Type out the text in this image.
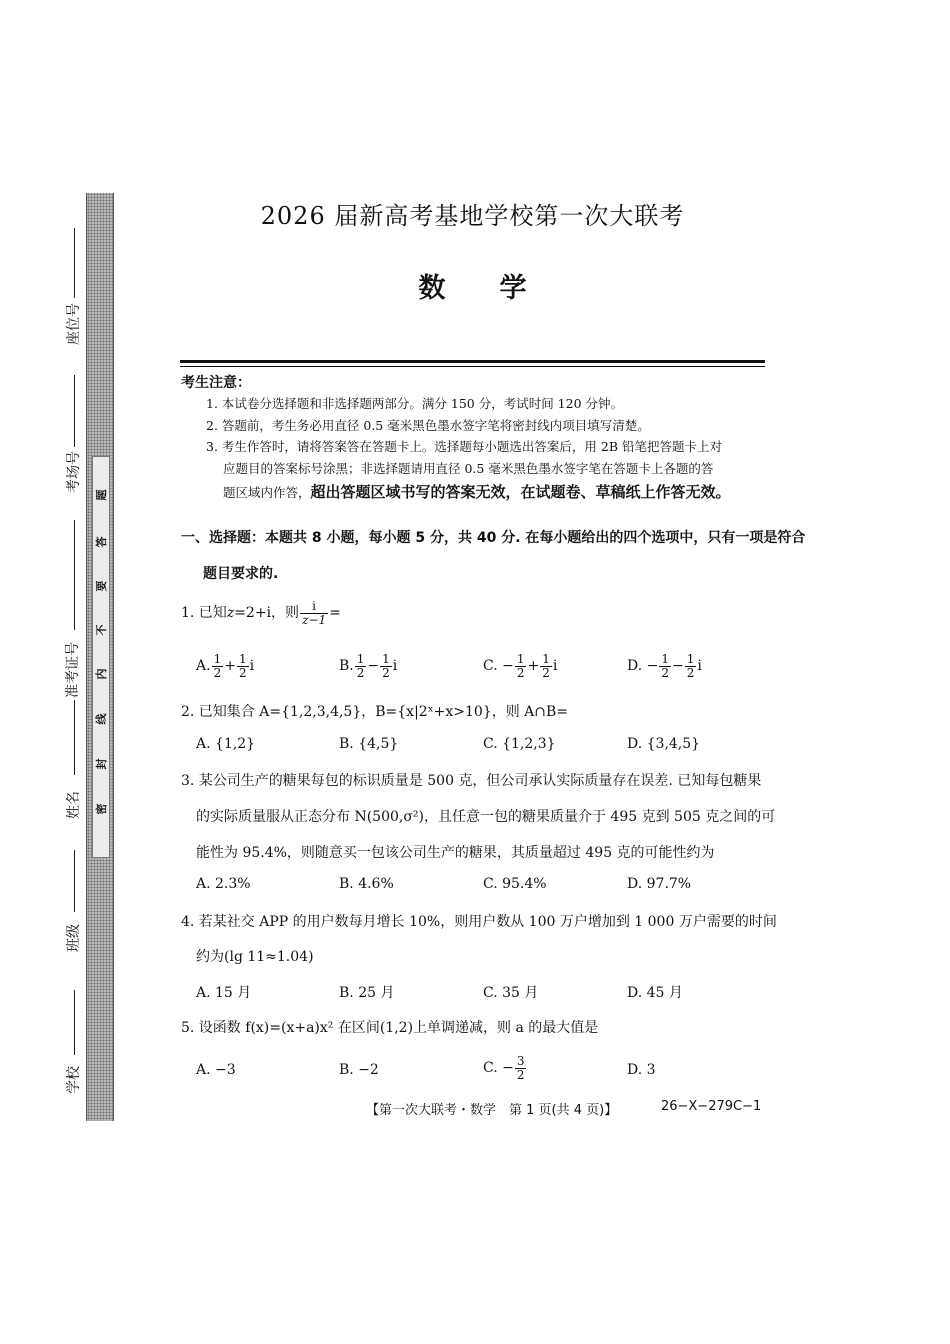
题
答
要
不
内
线
封
密
座位号
考场号
准考证号
姓名
班级
学校
2026 届新高考基地学校第一次大联考
数　　学
考生注意：
1. 本试卷分选择题和非选择题两部分。满分 150 分，考试时间 120 分钟。
2. 答题前，考生务必用直径 0.5 毫米黑色墨水签字笔将密封线内项目填写清楚。
3. 考生作答时，请将答案答在答题卡上。选择题每小题选出答案后，用 2B 铅笔把答题卡上对
应题目的答案标号涂黑；非选择题请用直径 0.5 毫米黑色墨水签字笔在答题卡上各题的答
题区域内作答，超出答题区域书写的答案无效，在试题卷、草稿纸上作答无效。
一、选择题：本题共 8 小题，每小题 5 分，共 40 分. 在每小题给出的四个选项中，只有一项是符合
题目要求的.
1. 已知z=2+i，则 $\frac{i}{z-1}$ =
A. $\frac{1}{2} + \frac{1}{2}$ i	B. $\frac{1}{2} - \frac{1}{2}$ i	C. − $\frac{1}{2} + \frac{1}{2}$ i	D. − $\frac{1}{2} - \frac{1}{2}$ i
2. 已知集合 A={1,2,3,4,5}，B={x|2ˣ+x>10}，则 A∩B=
A. {1,2}	B. {4,5}	C. {1,2,3}	D. {3,4,5}
3. 某公司生产的糖果每包的标识质量是 500 克，但公司承认实际质量存在误差. 已知每包糖果
的实际质量服从正态分布 N(500,σ²)，且任意一包的糖果质量介于 495 克到 505 克之间的可
能性为 95.4%，则随意买一包该公司生产的糖果，其质量超过 495 克的可能性约为
A. 2.3%	B. 4.6%	C. 95.4%	D. 97.7%
4. 若某社交 APP 的用户数每月增长 10%，则用户数从 100 万户增加到 1 000 万户需要的时间
约为(lg 11≈1.04)
A. 15 月	B. 25 月	C. 35 月	D. 45 月
5. 设函数 f(x)=(x+a)x² 在区间(1,2)上单调递减，则 a 的最大值是
A. −3	B. −2	C. − $\frac{3}{2}$	D. 3
【第一次大联考・数学　第 1 页(共 4 页)】	26−X−279C−1
